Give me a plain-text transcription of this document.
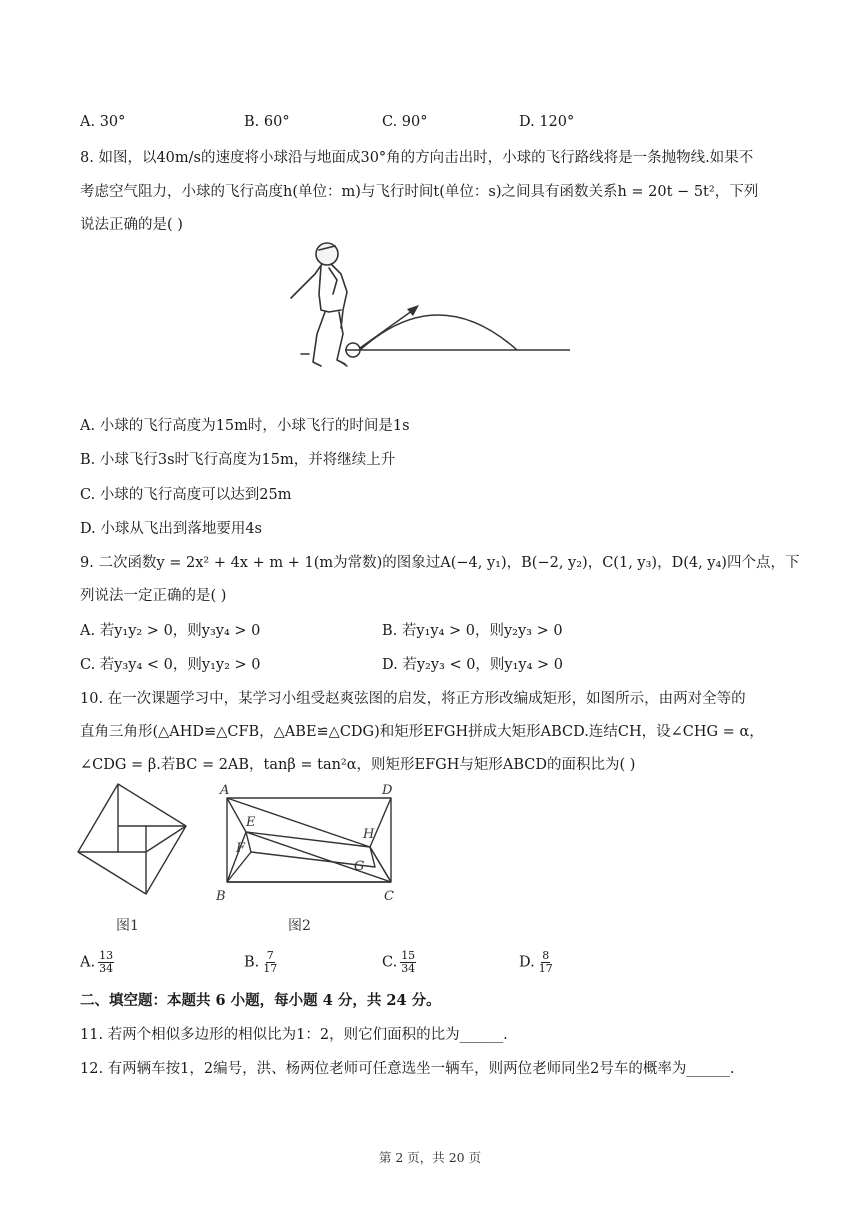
A. 30°	B. 60°	C. 90°	D. 120°
8. 如图，以40m/s的速度将小球沿与地面成30°角的方向击出时，小球的飞行路线将是一条抛物线.如果不
考虑空气阻力，小球的飞行高度h(单位：m)与飞行时间t(单位：s)之间具有函数关系h = 20t − 5t²，下列
说法正确的是( )
A. 小球的飞行高度为15m时，小球飞行的时间是1s
B. 小球飞行3s时飞行高度为15m，并将继续上升
C. 小球的飞行高度可以达到25m
D. 小球从飞出到落地要用4s
9. 二次函数y = 2x² + 4x + m + 1(m为常数)的图象过A(−4, y₁)，B(−2, y₂)，C(1, y₃)，D(4, y₄)四个点，下
列说法一定正确的是( )
A. 若y₁y₂ > 0，则y₃y₄ > 0	B. 若y₁y₄ > 0，则y₂y₃ > 0
C. 若y₃y₄ < 0，则y₁y₂ > 0	D. 若y₂y₃ < 0，则y₁y₄ > 0
10. 在一次课题学习中，某学习小组受赵爽弦图的启发，将正方形改编成矩形，如图所示，由两对全等的
直角三角形(△AHD≌△CFB，△ABE≌△CDG)和矩形EFGH拼成大矩形ABCD.连结CH，设∠CHG = α，
∠CDG = β.若BC = 2AB，tanβ = tan²α，则矩形EFGH与矩形ABCD的面积比为( )
图1
A	D
E
H
F
G
B	C
图2
A. $\frac{13}{34}$	B. $\frac{7}{17}$	C. $\frac{15}{34}$	D. $\frac{8}{17}$
二、填空题：本题共 6 小题，每小题 4 分，共 24 分。
11. 若两个相似多边形的相似比为1：2，则它们面积的比为______.
12. 有两辆车按1，2编号，洪、杨两位老师可任意选坐一辆车，则两位老师同坐2号车的概率为______.
第 2 页，共 20 页
